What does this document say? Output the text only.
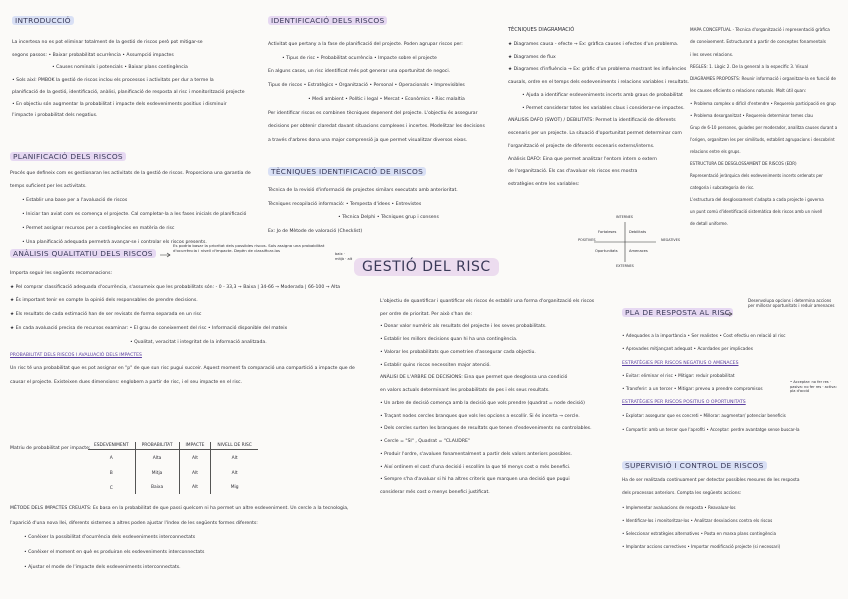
INTRODUCCIÓ
La incertesa no es pot eliminar totalment de la gestió de riscos però pot mitigar-se
segons passos: • Baixar probabilitat ocurrència • Assumpció impactes
• Causes nominals i potencials • Baixar plans contingència
• Sols així: PMBOK la gestió de riscos inclou els processos i activitats per dur a terme la
planificació de la gestió, identificació, anàlisi, planificació de resposta al risc i monitorització projecte
• En objectiu són augmentar la probabilitat i impacte dels esdeveniments positius i disminuir
l'impacte i probabilitat dels negatius.
PLANIFICACIÓ DELS RISCOS
Procés que defineix com es gestionaran les activitats de la gestió de riscos. Proporciona una garantia de
temps suficient per les activitats.
• Establir una base per a l'avaluació de riscos
• Iniciar tan aviat com es comença el projecte. Cal completar-la a les fases inicials de planificació
• Permet assignar recursos per a contingències en matèria de risc
• Una planificació adequada permetrà avançar-se i controlar els riscos presents.
ANÀLISIS QUALITATIU DELS RISCOS
Es podria basar la prioritat dels possibles riscos. Sols assigna una probabilitat d'ocurrència i nivell d'impacte. Depèn de classificar-los
baix · mitjà · alt
Importa seguir les següents recomanacions:
★ Pel comprar classificació adequada d'ocurrència, s'assumeix que les probabilitats són: - 0 - 33,3 → Baixa | 34-66 → Moderada | 66-100 → Alta
★ És important tenir en compte la opinió dels responsables de prendre decisions.
★ Els resultats de cada estimació han de ser revisats de forma separada en un risc
★ En cada avaluació precisa de recursos examinar: • El grau de coneixement del risc • Informació disponible del mateix
• Qualitat, veracitat i integritat de la informació analitzada.
PROBABILITAT DELS RISCOS I AVALUACIÓ DELS IMPACTES
Un risc té una probabilitat que es pot assignar en "p" de que sun risc pugui succeir. Aquest moment fa comparació una compartició a impacte que de
causar el projecte. Existeixen dues dimensions: englobem a partir de risc, i el seu impacte en el risc.
Matriu de probabilitat per impacte:
ESDEVENIMENT	PROBABILITAT	IMPACTE	NIVELL DE RISC
A	Alta	Alt	Alt
B	Mitja	Alt	Alt
C	Baixa	Alt	Mig
MÈTODE DELS IMPACTES CREUATS: Es basa en la probabilitat de que passi quelcom ni ha permet un altre esdeveniment. Un cercle a la tecnologia,
l'aparició d'una nova llei, diferents sistemes a altres poden ajustar l'índex de les següents formes diferents:
• Conèixer la possibilitat d'ocurrència dels esdeveniments interconnectats
• Conèixer el moment en què es produiran els esdeveniments interconnectats
• Ajustar el mode de l'impacte dels esdeveniments interconnectats.
IDENTIFICACIÓ DELS RISCOS
Activitat que pertany a la fase de planificació del projecte. Poden agrupar riscos per:
• Tipus de risc • Probabilitat ocurrència • Impacte sobre el projecte
En alguns casos, un risc identificat més pot generar una oportunitat de negoci.
Tipus de riscos • Estratègics • Organització • Personal • Operacionals • Imprevisibles
• Medi ambient • Polític i legal • Mercat • Econòmics • Risc malaltia
Per identificar riscos es combinen tècniques depenent del projecte. L'objectiu és assegurar
decisions per obtenir claredat davant situacions complexes i incertes. Modelitzar les decisions
a través d'arbres dona una major comprensió ja que permet visualitzar diversos eixos.
TÈCNIQUES IDENTIFICACIÓ DE RISCOS
Tècnica de la revisió d'informació de projectes similars executats amb anterioritat.
Tècniques recopilació informació: • Tempesta d'idees • Entrevistes
• Tècnica Delphi • Tècniques grup i consens
Ex: Jo de Mètode de valoració (Checklist)
GESTIÓ DEL RISC
L'objectiu de quantificar i quantificar els riscos és establir una forma d'organització els riscos
per ordre de prioritat. Per això s'han de:
• Donar valor numèric als resultats del projecte i les seves probabilitats.
• Establir les millors decisions quan hi ha una contingència.
• Valorar les probabilitats que cometrien d'assegurar cada objectiu.
• Establir quins riscos necessiten major atenció.
ANÀLISI DE L'ARBRE DE DECISIONS: Eina que permet que desglossa una condició
en valors actuals determinant les probabilitats de pes i els seus resultats.
• Un arbre de decisió comença amb la decisió que vols prendre (quadrat = node decisió)
• Traçant nodes cercles branques que vols les opcions a escollir. Si és incerta → cercle.
• Dels cercles surten les branques de resultats que tenen d'esdeveniments no controlables.
• Cercle = "SI" , Quadrat = "CLAUDRE"
• Produir l'ordre, s'avaluen fonamentalment a partir dels valors anteriors possibles.
• Així ordinem el cost d'una decisió i escollim la que té menys cost o més benefici.
• Sempre s'ha d'avaluar si hi ha altres criteris que marquen una decisió que pugui
considerar més cost o menys benefici justificat.
TÈCNIQUES DIAGRAMACIÓ
★ Diagrames causa - efecte → Ex: gràfica causes i efectes d'un problema.
★ Diagrames de flux
★ Diagrames d'influència → Ex: gràfic d'un problema mostrant les influències
causals, ordre en el temps dels esdeveniments i relacions variables i resultats.
• Ajuda a identificar esdeveniments incerts amb graus de probabilitat
• Permet considerar totes les variables claus i considerar-ne impactes.
ANÀLISIS DAFO (SWOT) / DEBILITATS: Permet la identificació de diferents
escenaris per un projecte. La situació d'oportunitat permet determinar com
l'organització el projecte de diferents escenaris externs/interns.
Anàlisis DAFO: Eina que permet analitzar l'entorn intern o extern
de l'organització. Els cas d'avaluar els riscos ens mostra
estratègies entre les variables:
INTERNES
EXTERNES
POSITIVES	NEGATIVES
Fortaleses	Debilitats
Oportunitats	Amenaces
PLA DE RESPOSTA AL RISC
Desenvolupa opcions i determina accions per millorar oportunitats i reduir amenaces
• Adequades a la importància • Ser realistes • Cost efectiu en relació al risc
• Aprovades mitjançant adequat • Acordades per implicades
ESTRATÈGIES PER RISCOS NEGATIUS O AMENACES
• Evitar: eliminar el risc • Mitigar: reduir probabilitat
• Transferir: a un tercer • Mitigar: preveu a prendre compromisos
ESTRATÈGIES PER RISCOS POSITIUS O OPORTUNITATS
• Explotar: assegurar que es concreti • Millorar: augmentar/ potenciar beneficis
• Compartir: amb un tercer que l'aprofiti • Acceptar: perdre avantatge sense buscar-la
• Acceptar: no fer res · pasiva: no fer res · activa: pla d'acció
SUPERVISIÓ I CONTROL DE RISCOS
Ha de ser realitzada contínuament per detectar possibles mesures de les resposta
dels processos anteriors. Compta les següents accions:
• Implementar avaluacions de resposta • Reavaluar-los
• Identificar-los i monitoritzar-los • Analitzar desviacions contra els riscos
• Seleccionar estratègies alternatives • Posta en marxa plans contingència
• Implantar accions correctives • Importar modificació projecte (si necessari)
MAPA CONCEPTUAL · Tècnica d'organització i representació gràfica
de coneixement. Estructurant a partir de conceptes fonamentals
i les seves relacions.
REGLES: 1. Lògic 2. De la general a la específic 3. Visual
DIAGRAMES PROPOSTS: Reunir informació i organitzar-la en funció de
les causes eficients o relacions naturals. Molt útil quan:
• Problema complex o difícil d'entendre • Requereix participació en grup
• Problema desorganitzat • Requereix determinar temes clau
Grup de 6-10 persones, guiades per moderador, analitza causes durant a
l'origen, organitzen les per similituds, establint agrupacions i descobrint
relacions entre els grups.
ESTRUCTURA DE DESGLOSSAMENT DE RISCOS (EDR)
Representació jeràrquica dels esdeveniments incerts ordenats per
categoria i subcategoria de risc.
L'estructura del desglossament s'adapta a cada projecte i governa
un punt comú d'identificació sistemàtica dels riscos amb un nivell
de detall uniforme.
